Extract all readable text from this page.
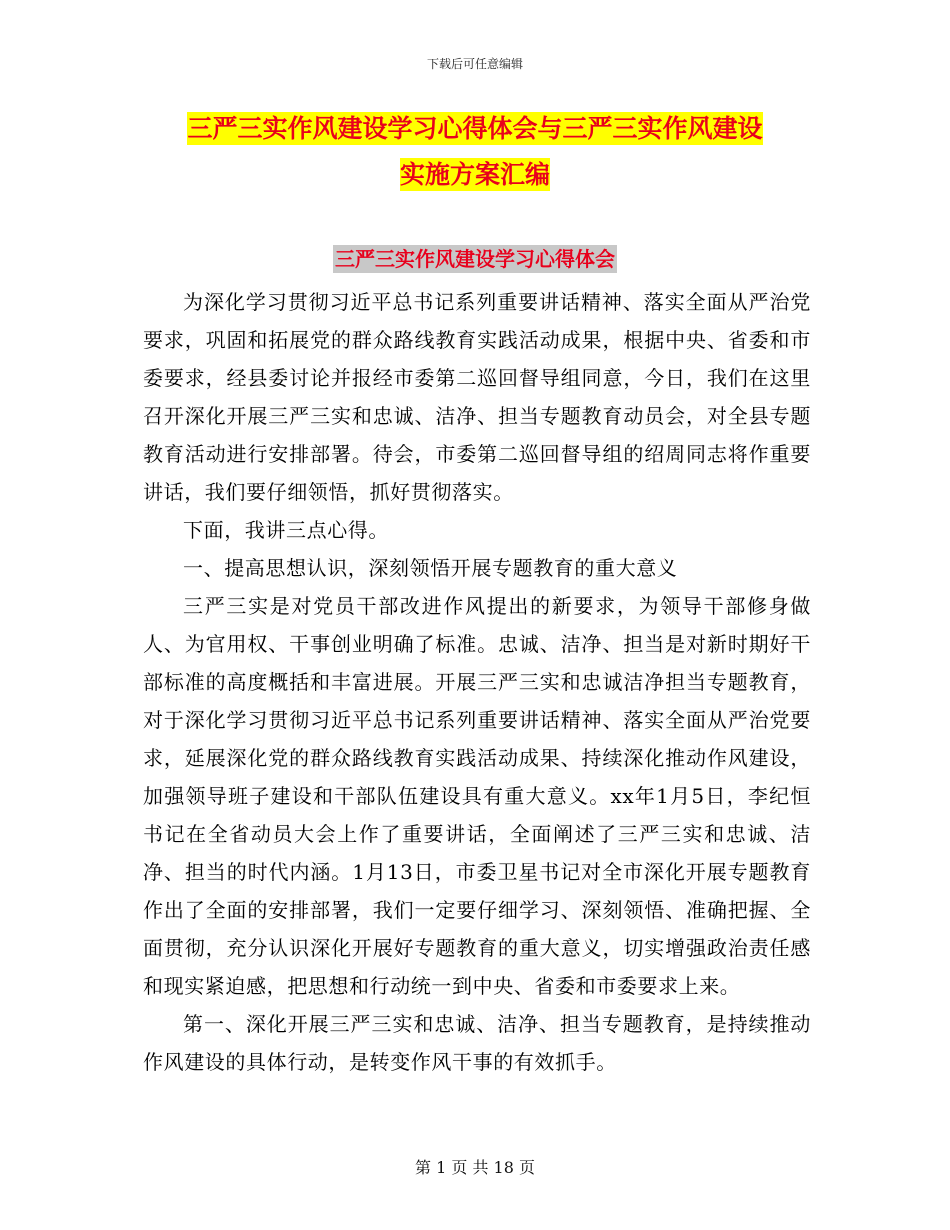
下载后可任意编辑
三严三实作风建设学习心得体会与三严三实作风建设
实施方案汇编
三严三实作风建设学习心得体会

为深化学习贯彻习近平总书记系列重要讲话精神、落实全面从严治党要求，巩固和拓展党的群众路线教育实践活动成果，根据中央、省委和市委要求，经县委讨论并报经市委第二巡回督导组同意，今日，我们在这里召开深化开展三严三实和忠诚、洁净、担当专题教育动员会，对全县专题教育活动进行安排部署。待会，市委第二巡回督导组的绍周同志将作重要讲话，我们要仔细领悟，抓好贯彻落实。

下面，我讲三点心得。

一、提高思想认识，深刻领悟开展专题教育的重大意义

三严三实是对党员干部改进作风提出的新要求，为领导干部修身做人、为官用权、干事创业明确了标准。忠诚、洁净、担当是对新时期好干部标准的高度概括和丰富进展。开展三严三实和忠诚洁净担当专题教育，对于深化学习贯彻习近平总书记系列重要讲话精神、落实全面从严治党要求，延展深化党的群众路线教育实践活动成果、持续深化推动作风建设，加强领导班子建设和干部队伍建设具有重大意义。xx年1月5日，李纪恒书记在全省动员大会上作了重要讲话，全面阐述了三严三实和忠诚、洁净、担当的时代内涵。1月13日，市委卫星书记对全市深化开展专题教育作出了全面的安排部署，我们一定要仔细学习、深刻领悟、准确把握、全面贯彻，充分认识深化开展好专题教育的重大意义，切实增强政治责任感和现实紧迫感，把思想和行动统一到中央、省委和市委要求上来。

第一、深化开展三严三实和忠诚、洁净、担当专题教育，是持续推动作风建设的具体行动，是转变作风干事的有效抓手。

第 1 页 共 18 页
